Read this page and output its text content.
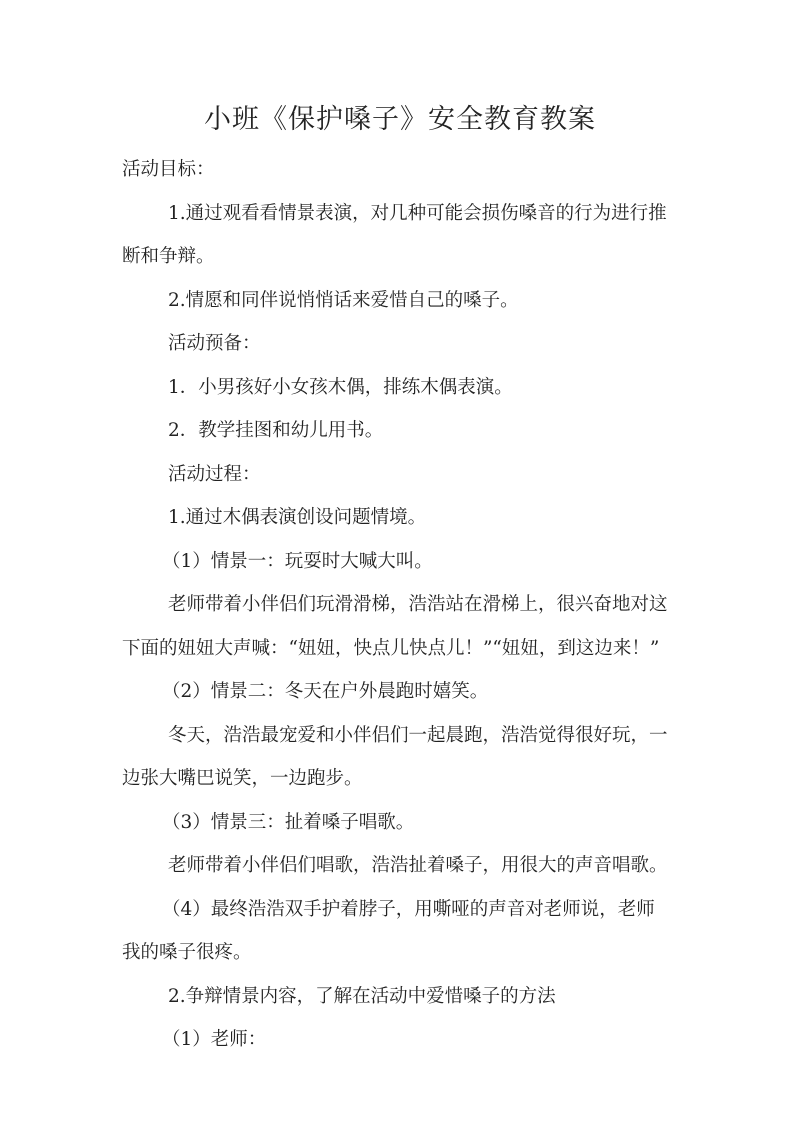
小班《保护嗓子》安全教育教案

活动目标：

1.通过观看看情景表演，对几种可能会损伤嗓音的行为进行推
断和争辩。

2.情愿和同伴说悄悄话来爱惜自己的嗓子。

活动预备：

1．小男孩好小女孩木偶，排练木偶表演。

2．教学挂图和幼儿用书。

活动过程：

1.通过木偶表演创设问题情境。

（1）情景一：玩耍时大喊大叫。

老师带着小伴侣们玩滑滑梯，浩浩站在滑梯上，很兴奋地对这
下面的妞妞大声喊：“妞妞，快点儿快点儿！”“妞妞，到这边来！”

（2）情景二：冬天在户外晨跑时嬉笑。

冬天，浩浩最宠爱和小伴侣们一起晨跑，浩浩觉得很好玩，一
边张大嘴巴说笑，一边跑步。

（3）情景三：扯着嗓子唱歌。

老师带着小伴侣们唱歌，浩浩扯着嗓子，用很大的声音唱歌。

（4）最终浩浩双手护着脖子，用嘶哑的声音对老师说，老师
我的嗓子很疼。

2.争辩情景内容，了解在活动中爱惜嗓子的方法

（1）老师：
